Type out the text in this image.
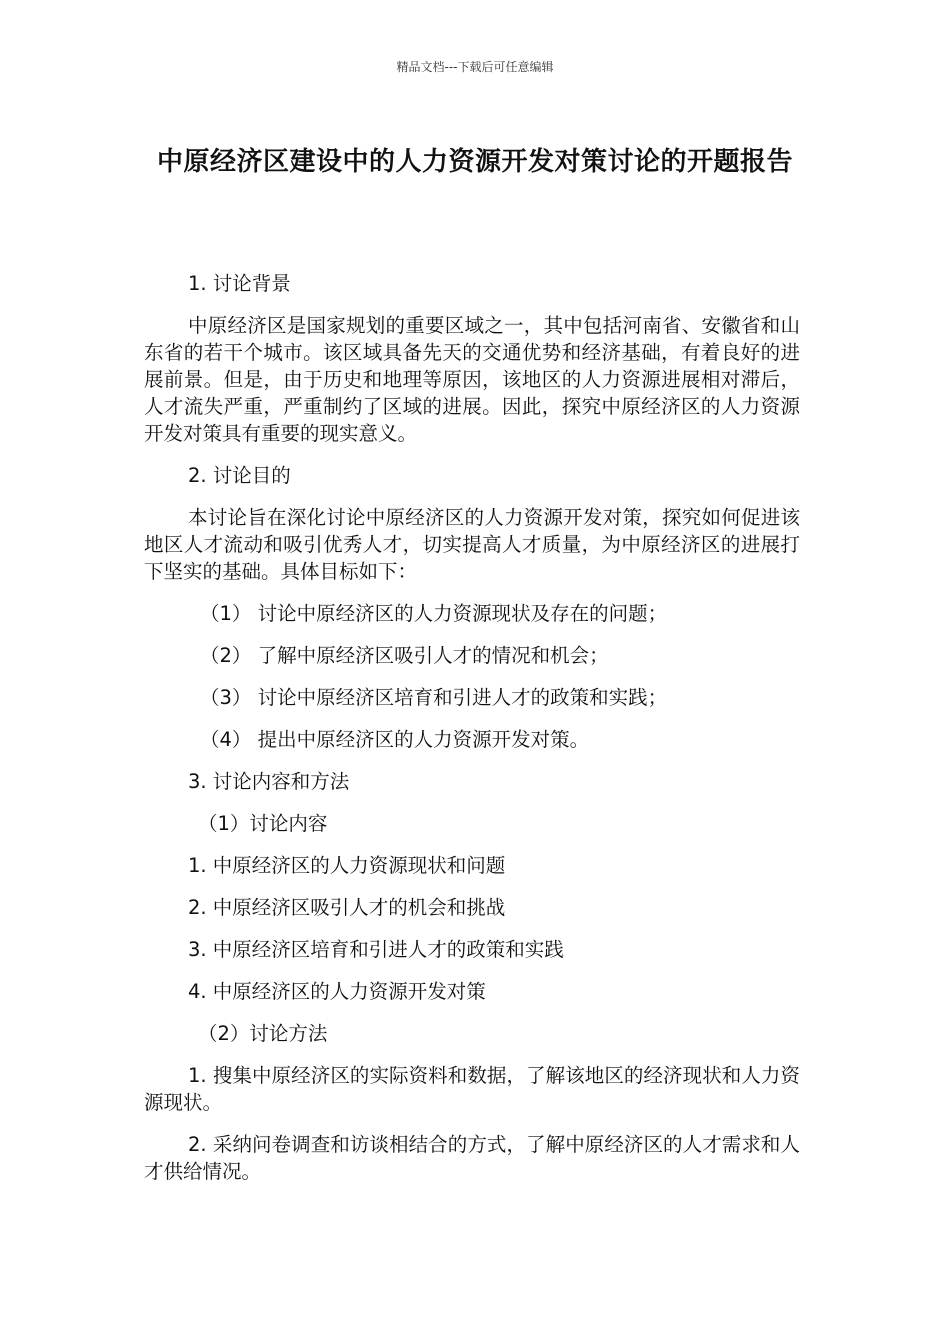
精品文档---下载后可任意编辑
中原经济区建设中的人力资源开发对策讨论的开题报告

1. 讨论背景

中原经济区是国家规划的重要区域之一，其中包括河南省、安徽省和山东省的若干个城市。该区域具备先天的交通优势和经济基础，有着良好的进展前景。但是，由于历史和地理等原因，该地区的人力资源进展相对滞后，人才流失严重，严重制约了区域的进展。因此，探究中原经济区的人力资源开发对策具有重要的现实意义。

2. 讨论目的

本讨论旨在深化讨论中原经济区的人力资源开发对策，探究如何促进该地区人才流动和吸引优秀人才，切实提高人才质量，为中原经济区的进展打下坚实的基础。具体目标如下：

（1） 讨论中原经济区的人力资源现状及存在的问题；

（2） 了解中原经济区吸引人才的情况和机会；

（3） 讨论中原经济区培育和引进人才的政策和实践；

（4） 提出中原经济区的人力资源开发对策。

3. 讨论内容和方法

（1）讨论内容

1. 中原经济区的人力资源现状和问题

2. 中原经济区吸引人才的机会和挑战

3. 中原经济区培育和引进人才的政策和实践

4. 中原经济区的人力资源开发对策

（2）讨论方法

1. 搜集中原经济区的实际资料和数据，了解该地区的经济现状和人力资源现状。

2. 采纳问卷调查和访谈相结合的方式，了解中原经济区的人才需求和人才供给情况。
